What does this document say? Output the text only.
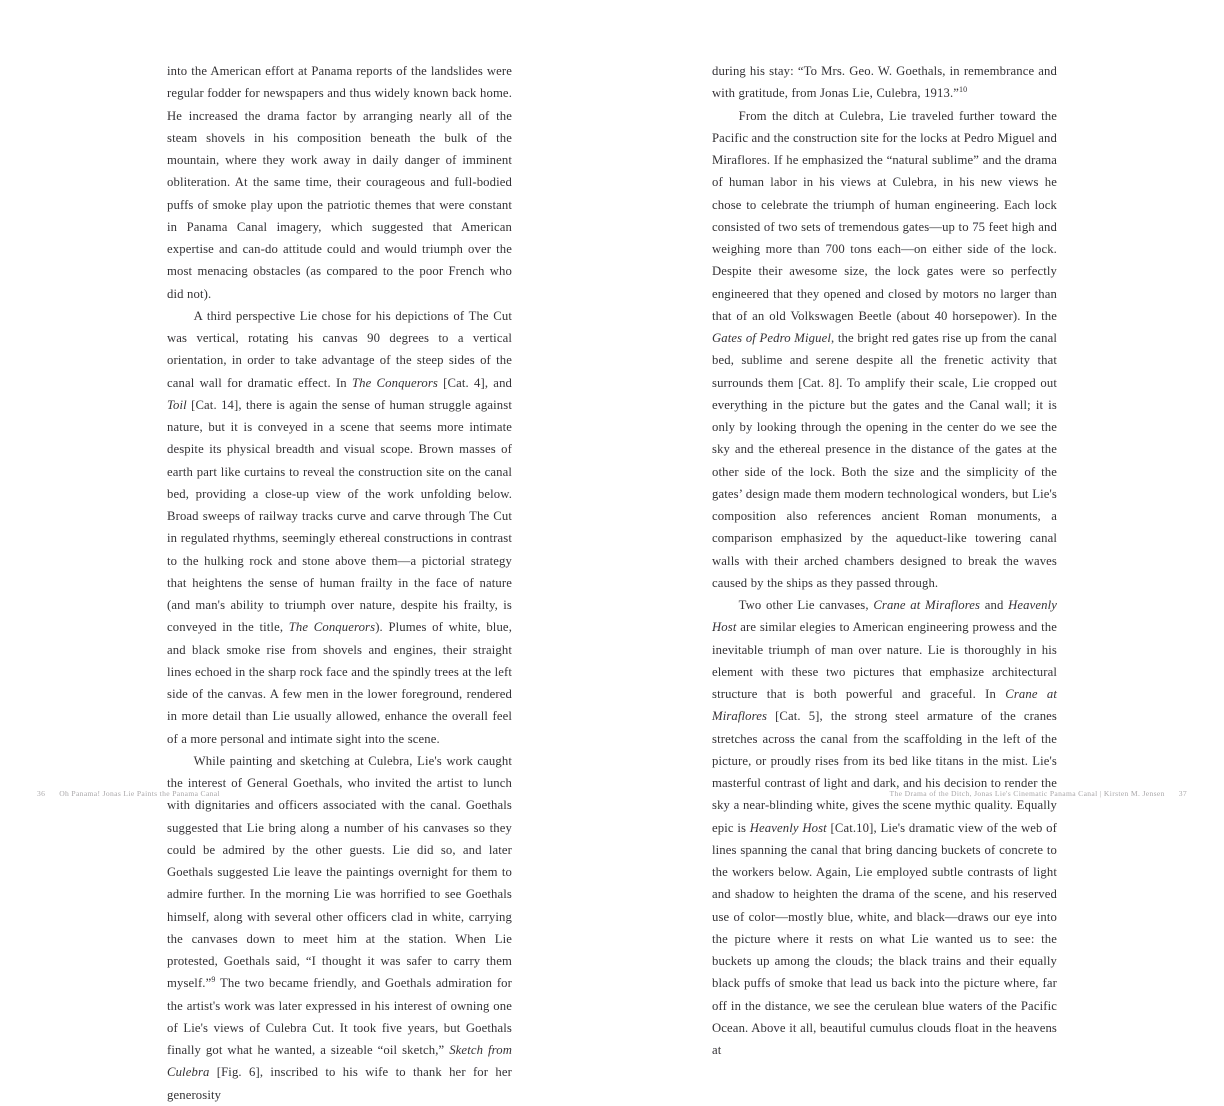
into the American effort at Panama reports of the landslides were regular fodder for newspapers and thus widely known back home. He increased the drama factor by arranging nearly all of the steam shovels in his composition beneath the bulk of the mountain, where they work away in daily danger of imminent obliteration. At the same time, their courageous and full-bodied puffs of smoke play upon the patriotic themes that were constant in Panama Canal imagery, which suggested that American expertise and can-do attitude could and would triumph over the most menacing obstacles (as compared to the poor French who did not).

A third perspective Lie chose for his depictions of The Cut was vertical, rotating his canvas 90 degrees to a vertical orientation, in order to take advantage of the steep sides of the canal wall for dramatic effect. In The Conquerors [Cat. 4], and Toil [Cat. 14], there is again the sense of human struggle against nature, but it is conveyed in a scene that seems more intimate despite its physical breadth and visual scope. Brown masses of earth part like curtains to reveal the construction site on the canal bed, providing a close-up view of the work unfolding below. Broad sweeps of railway tracks curve and carve through The Cut in regulated rhythms, seemingly ethereal constructions in contrast to the hulking rock and stone above them—a pictorial strategy that heightens the sense of human frailty in the face of nature (and man's ability to triumph over nature, despite his frailty, is conveyed in the title, The Conquerors). Plumes of white, blue, and black smoke rise from shovels and engines, their straight lines echoed in the sharp rock face and the spindly trees at the left side of the canvas. A few men in the lower foreground, rendered in more detail than Lie usually allowed, enhance the overall feel of a more personal and intimate sight into the scene.

While painting and sketching at Culebra, Lie's work caught the interest of General Goethals, who invited the artist to lunch with dignitaries and officers associated with the canal. Goethals suggested that Lie bring along a number of his canvases so they could be admired by the other guests. Lie did so, and later Goethals suggested Lie leave the paintings overnight for them to admire further. In the morning Lie was horrified to see Goethals himself, along with several other officers clad in white, carrying the canvases down to meet him at the station. When Lie protested, Goethals said, “I thought it was safer to carry them myself.”$^9$ The two became friendly, and Goethals admiration for the artist's work was later expressed in his interest of owning one of Lie's views of Culebra Cut. It took five years, but Goethals finally got what he wanted, a sizeable “oil sketch,” Sketch from Culebra [Fig. 6], inscribed to his wife to thank her for her generosity

during his stay: “To Mrs. Geo. W. Goethals, in remembrance and with gratitude, from Jonas Lie, Culebra, 1913.”$^{10}$

From the ditch at Culebra, Lie traveled further toward the Pacific and the construction site for the locks at Pedro Miguel and Miraflores. If he emphasized the “natural sublime” and the drama of human labor in his views at Culebra, in his new views he chose to celebrate the triumph of human engineering. Each lock consisted of two sets of tremendous gates—up to 75 feet high and weighing more than 700 tons each—on either side of the lock. Despite their awesome size, the lock gates were so perfectly engineered that they opened and closed by motors no larger than that of an old Volkswagen Beetle (about 40 horsepower). In the Gates of Pedro Miguel, the bright red gates rise up from the canal bed, sublime and serene despite all the frenetic activity that surrounds them [Cat. 8]. To amplify their scale, Lie cropped out everything in the picture but the gates and the Canal wall; it is only by looking through the opening in the center do we see the sky and the ethereal presence in the distance of the gates at the other side of the lock. Both the size and the simplicity of the gates’ design made them modern technological wonders, but Lie's composition also references ancient Roman monuments, a comparison emphasized by the aqueduct-like towering canal walls with their arched chambers designed to break the waves caused by the ships as they passed through.

Two other Lie canvases, Crane at Miraflores and Heavenly Host are similar elegies to American engineering prowess and the inevitable triumph of man over nature. Lie is thoroughly in his element with these two pictures that emphasize architectural structure that is both powerful and graceful. In Crane at Miraflores [Cat. 5], the strong steel armature of the cranes stretches across the canal from the scaffolding in the left of the picture, or proudly rises from its bed like titans in the mist. Lie's masterful contrast of light and dark, and his decision to render the sky a near-blinding white, gives the scene mythic quality. Equally epic is Heavenly Host [Cat.10], Lie's dramatic view of the web of lines spanning the canal that bring dancing buckets of concrete to the workers below. Again, Lie employed subtle contrasts of light and shadow to heighten the drama of the scene, and his reserved use of color—mostly blue, white, and black—draws our eye into the picture where it rests on what Lie wanted us to see: the buckets up among the clouds; the black trains and their equally black puffs of smoke that lead us back into the picture where, far off in the distance, we see the cerulean blue waters of the Pacific Ocean. Above it all, beautiful cumulus clouds float in the heavens at

36 Oh Panama! Jonas Lie Paints the Panama Canal	The Drama of the Ditch, Jonas Lie's Cinematic Panama Canal | Kirsten M. Jensen 37
